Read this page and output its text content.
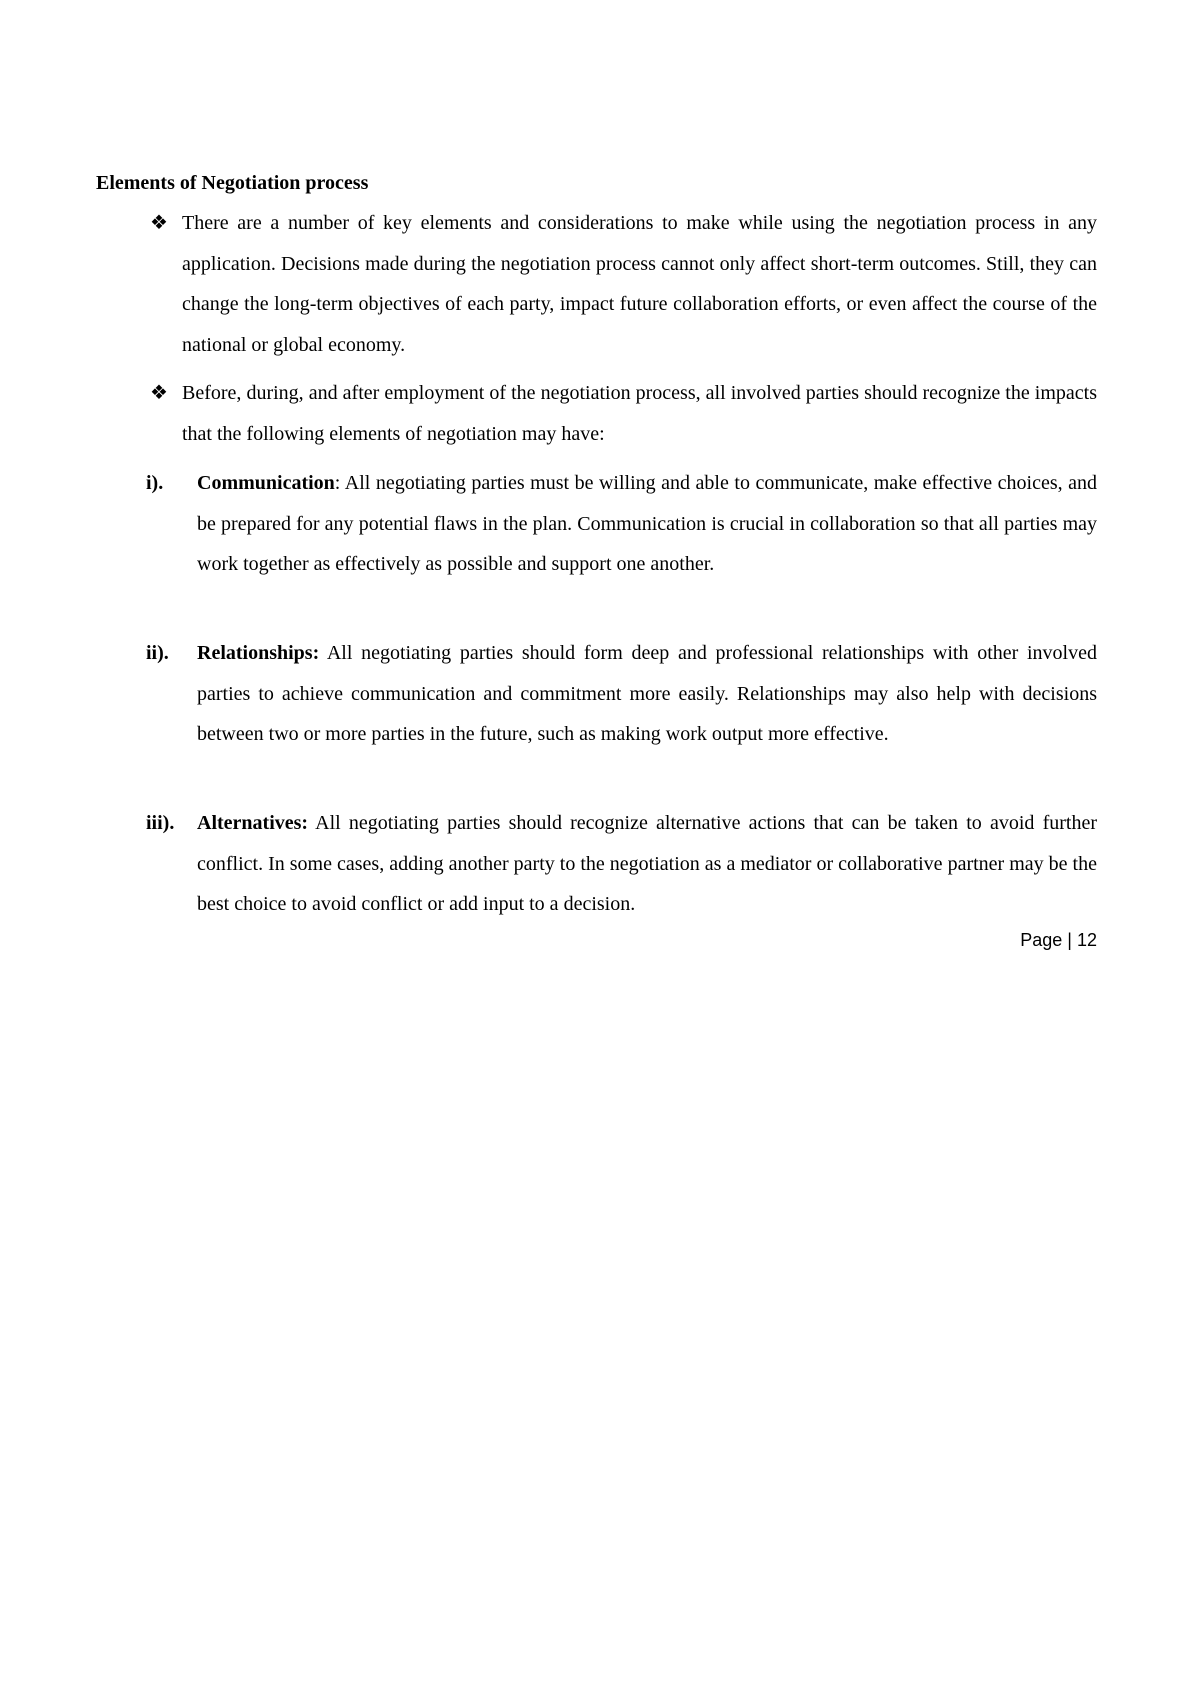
Elements of Negotiation process
❖ There are a number of key elements and considerations to make while using the negotiation process in any application. Decisions made during the negotiation process cannot only affect short-term outcomes. Still, they can change the long-term objectives of each party, impact future collaboration efforts, or even affect the course of the national or global economy.

❖ Before, during, and after employment of the negotiation process, all involved parties should recognize the impacts that the following elements of negotiation may have:

i). Communication: All negotiating parties must be willing and able to communicate, make effective choices, and be prepared for any potential flaws in the plan. Communication is crucial in collaboration so that all parties may work together as effectively as possible and support one another.

ii). Relationships: All negotiating parties should form deep and professional relationships with other involved parties to achieve communication and commitment more easily. Relationships may also help with decisions between two or more parties in the future, such as making work output more effective.

iii). Alternatives: All negotiating parties should recognize alternative actions that can be taken to avoid further conflict. In some cases, adding another party to the negotiation as a mediator or collaborative partner may be the best choice to avoid conflict or add input to a decision.

Page | 12
